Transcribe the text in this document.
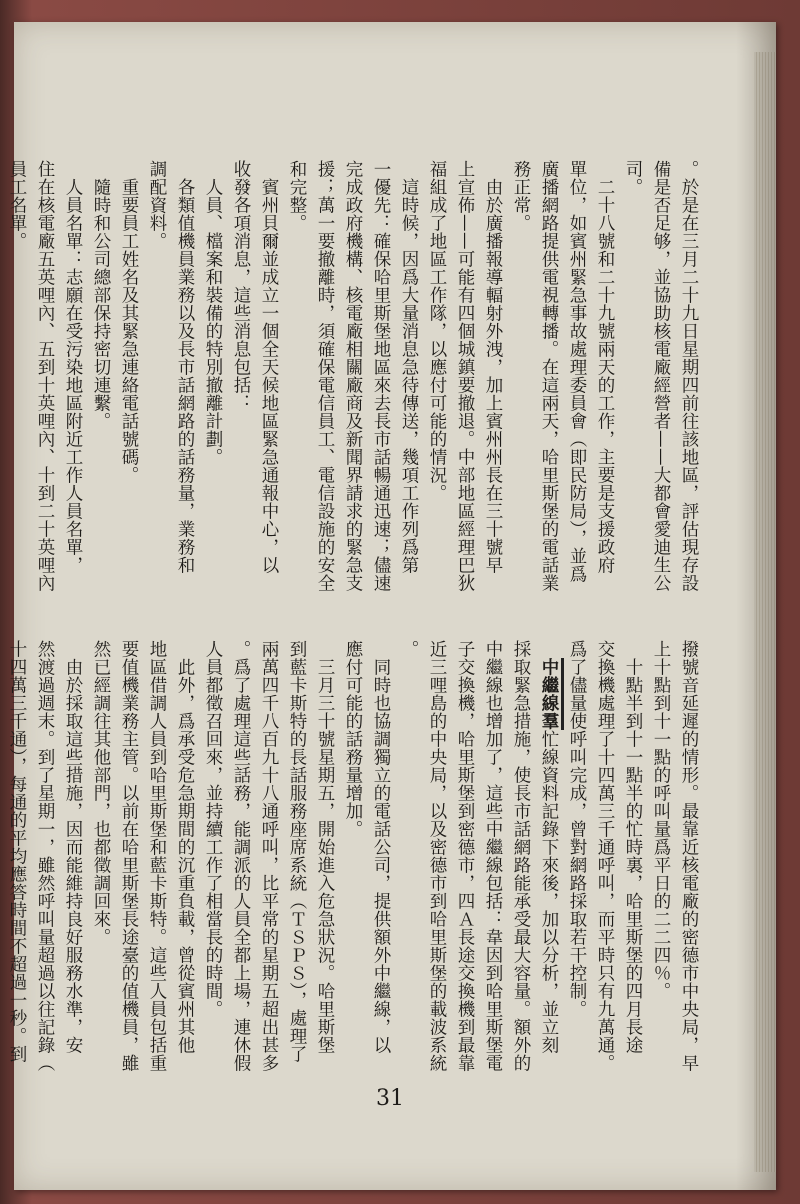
。於是在三月二十九日星期四前往該地區，評估現存設

備是否足够，並協助核電廠經營者——大都會愛迪生公

司。

　二十八號和二十九號兩天的工作，主要是支援政府

單位，如賓州緊急事故處理委員會（即民防局），並爲

廣播網路提供電視轉播。在這兩天，哈里斯堡的電話業

務正常。

　由於廣播報導輻射外洩，加上賓州州長在三十號早

上宣佈——可能有四個城鎮要撤退。中部地區經理巴狄

福組成了地區工作隊，以應付可能的情況。

　這時候，因爲大量消息急待傳送，幾項工作列爲第

一優先：確保哈里斯堡地區來去長市話暢通迅速；儘速

完成政府機構、核電廠相關廠商及新聞界請求的緊急支

援；萬一要撤離時，須確保電信員工、電信設施的安全

和完整。

　賓州貝爾並成立一個全天候地區緊急通報中心，以

收發各項消息，這些消息包括：

　人員、檔案和裝備的特別撤離計劃。

　各類值機員業務以及長市話網路的話務量，業務和

調配資料。

　重要員工姓名及其緊急連絡電話號碼。

　隨時和公司總部保持密切連繫。

　人員名單：志願在受污染地區附近工作人員名單，

住在核電廠五英哩內、五到十英哩內、十到二十英哩內

員工名單。

撥號音延遲的情形。最靠近核電廠的密德市中央局，早

上十點到十一點的呼叫量爲平日的二二四％。

　十點半到十一點半的忙時裏，哈里斯堡的四月長途

交換機處理了十四萬三千通呼叫，而平時只有九萬通。

爲了儘量使呼叫完成，曾對網路採取若干控制。

　中繼線羣忙線資料記錄下來後，加以分析，並立刻

採取緊急措施，使長市話網路能承受最大容量。額外的

中繼線也增加了，這些中繼線包括：韋因到哈里斯堡電

子交換機，哈里斯堡到密德市，四Ａ長途交換機到最靠

近三哩島的中央局，以及密德市到哈里斯堡的載波系統

。

　同時也協調獨立的電話公司，提供額外中繼線，以

應付可能的話務量增加。

　三月三十號星期五，開始進入危急狀況。哈里斯堡

到藍卡斯特的長話服務座席系統（ＴＳＰＳ），處理了

兩萬四千八百九十八通呼叫，比平常的星期五超出甚多

。爲了處理這些話務，能調派的人員全都上場，連休假

人員都徵召回來，並持續工作了相當長的時間。

　此外，爲承受危急期間的沉重負載，曾從賓州其他

地區借調人員到哈里斯堡和藍卡斯特。這些人員包括重

要值機業務主管。以前在哈里斯堡長途臺的值機員，雖

然已經調往其他部門，也都徵調回來。

　由於採取這些措施，因而能維持良好服務水準，安

然渡過週末。到了星期一，雖然呼叫量超過以往記錄（

十四萬三千通），每通的平均應答時間不超過一秒。到

31
